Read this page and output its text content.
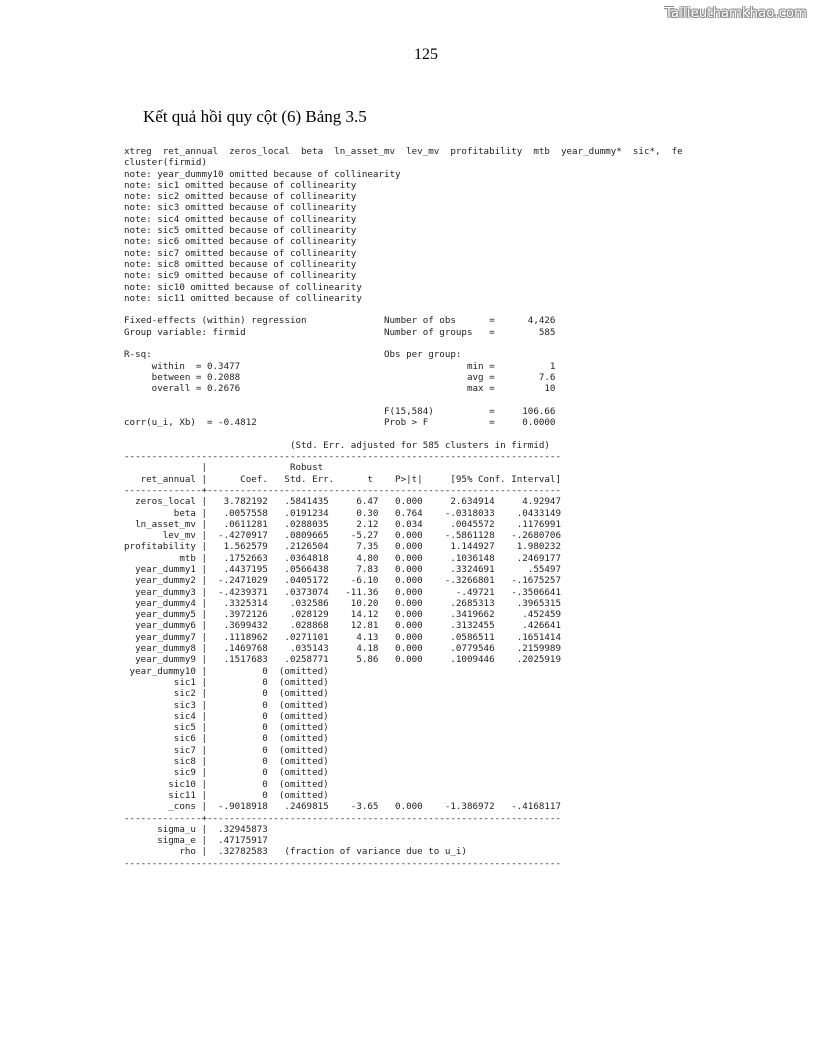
Tailieuthamkhao.com
125
Kết quả hồi quy cột (6) Bảng 3.5
xtreg  ret_annual  zeros_local  beta  ln_asset_mv  lev_mv  profitability  mtb  year_dummy*  sic*,  fe
cluster(firmid)
note: year_dummy10 omitted because of collinearity
note: sic1 omitted because of collinearity
note: sic2 omitted because of collinearity
note: sic3 omitted because of collinearity
note: sic4 omitted because of collinearity
note: sic5 omitted because of collinearity
note: sic6 omitted because of collinearity
note: sic7 omitted because of collinearity
note: sic8 omitted because of collinearity
note: sic9 omitted because of collinearity
note: sic10 omitted because of collinearity
note: sic11 omitted because of collinearity

Fixed-effects (within) regression              Number of obs      =      4,426
Group variable: firmid                         Number of groups   =        585

R-sq:                                          Obs per group:
within  = 0.3477                                         min =          1
between = 0.2088                                         avg =        7.6
overall = 0.2676                                         max =         10

F(15,584)          =     106.66
corr(u_i, Xb)  = -0.4812                       Prob > F           =     0.0000

(Std. Err. adjusted for 585 clusters in firmid)
-------------------------------------------------------------------------------
|               Robust
ret_annual |      Coef.   Std. Err.      t    P>|t|     [95% Conf. Interval]
--------------+----------------------------------------------------------------
zeros_local |   3.782192   .5841435     6.47   0.000     2.634914     4.92947
beta |   .0057558   .0191234     0.30   0.764    -.0318033    .0433149
ln_asset_mv |   .0611281   .0288035     2.12   0.034     .0045572    .1176991
lev_mv |  -.4270917   .0809665    -5.27   0.000    -.5861128   -.2680706
profitability |   1.562579   .2126504     7.35   0.000     1.144927    1.980232
mtb |   .1752663   .0364818     4.80   0.000     .1036148    .2469177
year_dummy1 |   .4437195   .0566438     7.83   0.000     .3324691      .55497
year_dummy2 |  -.2471029   .0405172    -6.10   0.000    -.3266801   -.1675257
year_dummy3 |  -.4239371   .0373074   -11.36   0.000      -.49721   -.3506641
year_dummy4 |   .3325314    .032586    10.20   0.000     .2685313    .3965315
year_dummy5 |   .3972126    .028129    14.12   0.000     .3419662     .452459
year_dummy6 |   .3699432    .028868    12.81   0.000     .3132455     .426641
year_dummy7 |   .1118962   .0271101     4.13   0.000     .0586511    .1651414
year_dummy8 |   .1469768    .035143     4.18   0.000     .0779546    .2159989
year_dummy9 |   .1517683   .0258771     5.86   0.000     .1009446    .2025919
year_dummy10 |          0  (omitted)
sic1 |          0  (omitted)
sic2 |          0  (omitted)
sic3 |          0  (omitted)
sic4 |          0  (omitted)
sic5 |          0  (omitted)
sic6 |          0  (omitted)
sic7 |          0  (omitted)
sic8 |          0  (omitted)
sic9 |          0  (omitted)
sic10 |          0  (omitted)
sic11 |          0  (omitted)
_cons |  -.9018918   .2469815    -3.65   0.000    -1.386972   -.4168117
--------------+----------------------------------------------------------------
sigma_u |  .32945873
sigma_e |  .47175917
rho |  .32782583   (fraction of variance due to u_i)
-------------------------------------------------------------------------------
